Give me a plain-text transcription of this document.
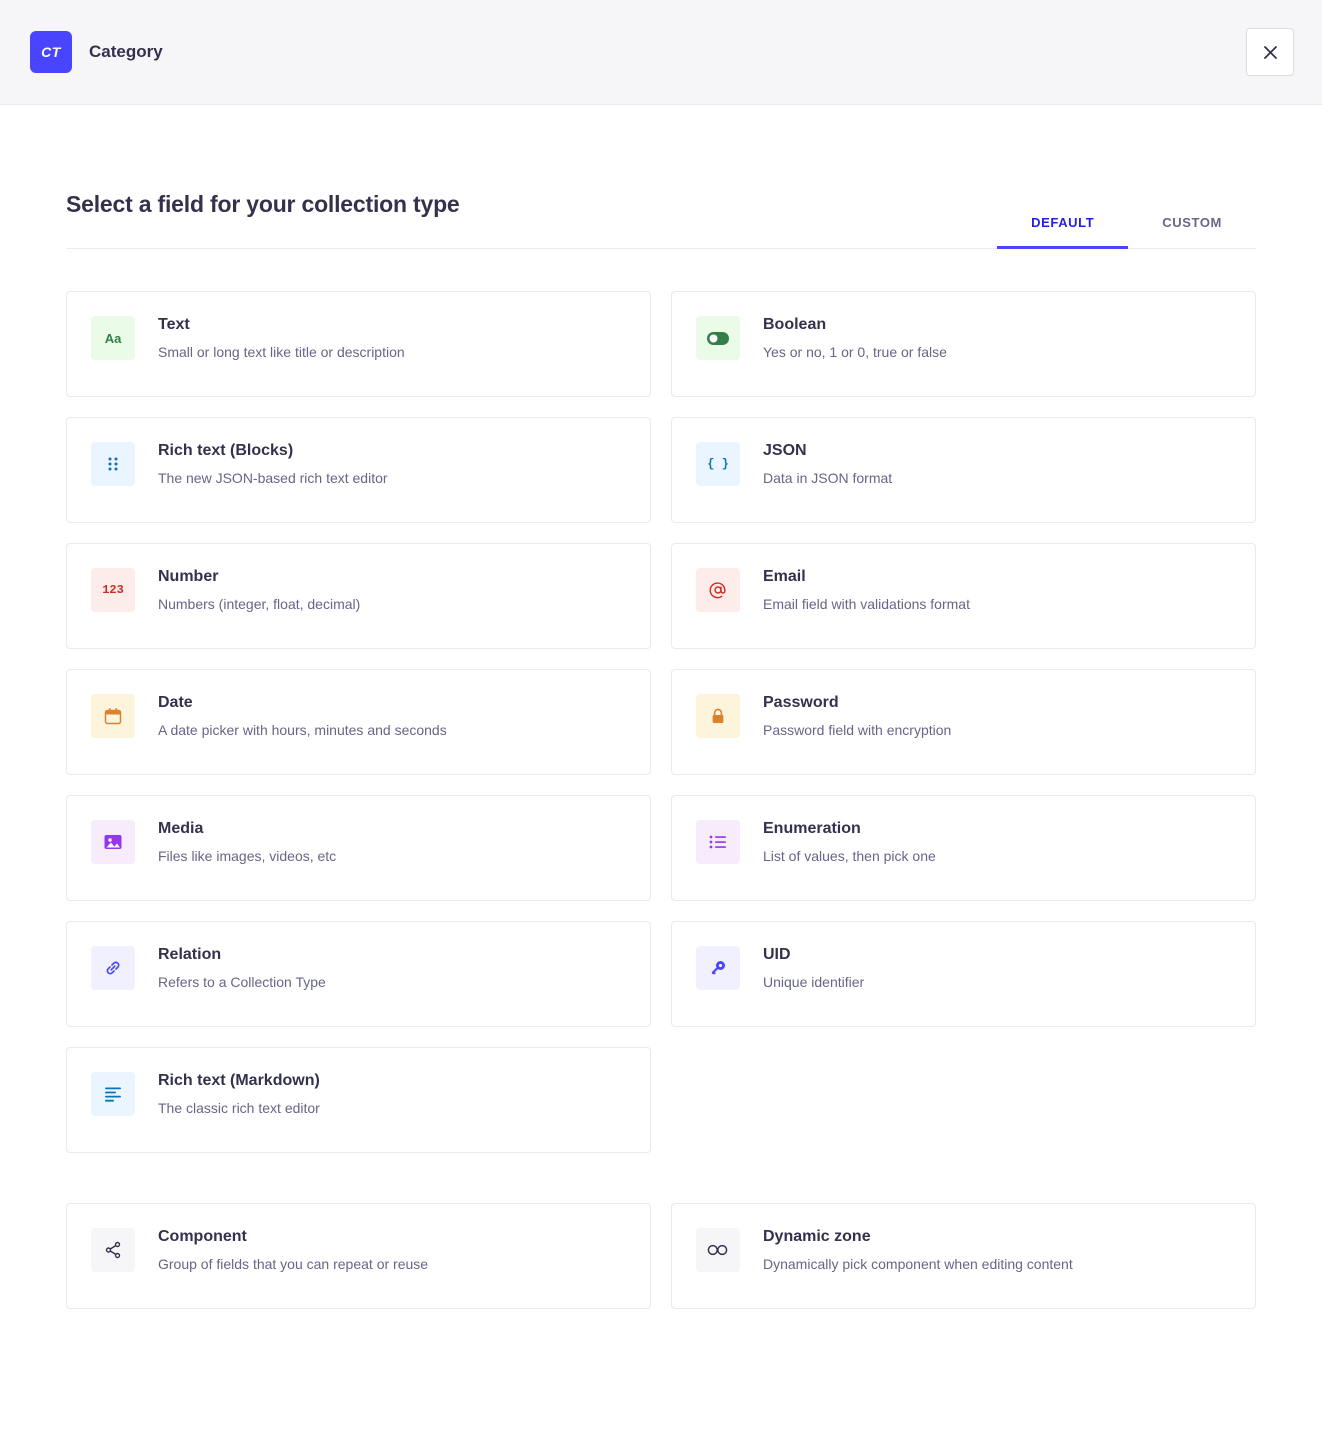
CT	Category
Select a field for your collection type
DEFAULT	CUSTOM
Aa
Text
Small or long text like title or description
Boolean
Yes or no, 1 or 0, true or false
Rich text (Blocks)
The new JSON-based rich text editor
{ }
JSON
Data in JSON format
123
Number
Numbers (integer, float, decimal)
Email
Email field with validations format
Date
A date picker with hours, minutes and seconds
Password
Password field with encryption
Media
Files like images, videos, etc
Enumeration
List of values, then pick one
Relation
Refers to a Collection Type
UID
Unique identifier
Rich text (Markdown)
The classic rich text editor
Component
Group of fields that you can repeat or reuse
Dynamic zone
Dynamically pick component when editing content
